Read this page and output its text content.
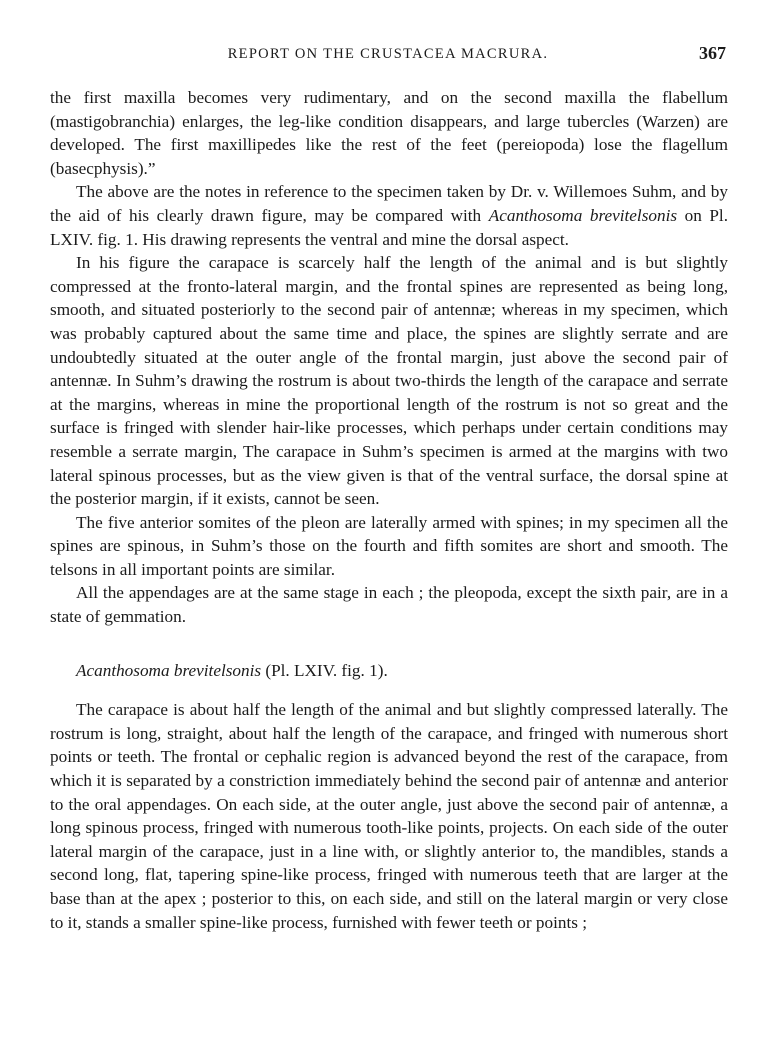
REPORT ON THE CRUSTACEA MACRURA.	367

the first maxilla becomes very rudimentary, and on the second maxilla the flabellum (mastigobranchia) enlarges, the leg-like condition disappears, and large tubercles (Warzen) are developed. The first maxillipedes like the rest of the feet (pereiopoda) lose the flagellum (basecphysis).”

The above are the notes in reference to the specimen taken by Dr. v. Willemoes Suhm, and by the aid of his clearly drawn figure, may be compared with Acanthosoma brevitelsonis on Pl. LXIV. fig. 1. His drawing represents the ventral and mine the dorsal aspect.

In his figure the carapace is scarcely half the length of the animal and is but slightly compressed at the fronto-lateral margin, and the frontal spines are represented as being long, smooth, and situated posteriorly to the second pair of antennæ; whereas in my specimen, which was probably captured about the same time and place, the spines are slightly serrate and are undoubtedly situated at the outer angle of the frontal margin, just above the second pair of antennæ. In Suhm’s drawing the rostrum is about two-thirds the length of the carapace and serrate at the margins, whereas in mine the proportional length of the rostrum is not so great and the surface is fringed with slender hair-like processes, which perhaps under certain conditions may resemble a serrate margin, The carapace in Suhm’s specimen is armed at the margins with two lateral spinous processes, but as the view given is that of the ventral surface, the dorsal spine at the posterior margin, if it exists, cannot be seen.

The five anterior somites of the pleon are laterally armed with spines; in my specimen all the spines are spinous, in Suhm’s those on the fourth and fifth somites are short and smooth. The telsons in all important points are similar.

All the appendages are at the same stage in each ; the pleopoda, except the sixth pair, are in a state of gemmation.

Acanthosoma brevitelsonis (Pl. LXIV. fig. 1).

The carapace is about half the length of the animal and but slightly compressed laterally. The rostrum is long, straight, about half the length of the carapace, and fringed with numerous short points or teeth. The frontal or cephalic region is advanced beyond the rest of the carapace, from which it is separated by a constriction immediately behind the second pair of antennæ and anterior to the oral appendages. On each side, at the outer angle, just above the second pair of antennæ, a long spinous process, fringed with numerous tooth-like points, projects. On each side of the outer lateral margin of the carapace, just in a line with, or slightly anterior to, the mandibles, stands a second long, flat, tapering spine-like process, fringed with numerous teeth that are larger at the base than at the apex ; posterior to this, on each side, and still on the lateral margin or very close to it, stands a smaller spine-like process, furnished with fewer teeth or points ;
